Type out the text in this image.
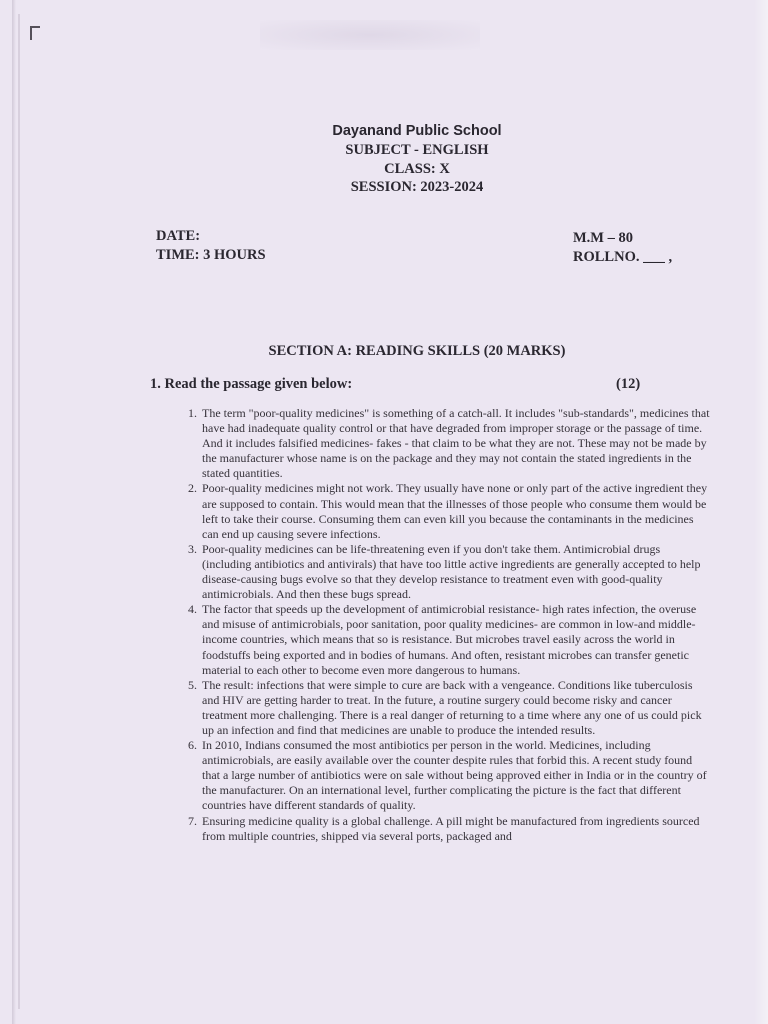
Dayanand Public School
SUBJECT - ENGLISH
CLASS: X
SESSION: 2023-2024
DATE:
TIME: 3 HOURS
M.M – 80
ROLLNO. ___ ,
SECTION A: READING SKILLS (20 MARKS)
1. Read the passage given below:	(12)
1. The term "poor-quality medicines" is something of a catch-all. It includes "sub-standards", medicines that have had inadequate quality control or that have degraded from improper storage or the passage of time. And it includes falsified medicines- fakes - that claim to be what they are not. These may not be made by the manufacturer whose name is on the package and they may not contain the stated ingredients in the stated quantities.
2. Poor-quality medicines might not work. They usually have none or only part of the active ingredient they are supposed to contain. This would mean that the illnesses of those people who consume them would be left to take their course. Consuming them can even kill you because the contaminants in the medicines can end up causing severe infections.
3. Poor-quality medicines can be life-threatening even if you don't take them. Antimicrobial drugs (including antibiotics and antivirals) that have too little active ingredients are generally accepted to help disease-causing bugs evolve so that they develop resistance to treatment even with good-quality antimicrobials. And then these bugs spread.
4. The factor that speeds up the development of antimicrobial resistance- high rates infection, the overuse and misuse of antimicrobials, poor sanitation, poor quality medicines- are common in low-and middle-income countries, which means that so is resistance. But microbes travel easily across the world in foodstuffs being exported and in bodies of humans. And often, resistant microbes can transfer genetic material to each other to become even more dangerous to humans.
5. The result: infections that were simple to cure are back with a vengeance. Conditions like tuberculosis and HIV are getting harder to treat. In the future, a routine surgery could become risky and cancer treatment more challenging. There is a real danger of returning to a time where any one of us could pick up an infection and find that medicines are unable to produce the intended results.
6. In 2010, Indians consumed the most antibiotics per person in the world. Medicines, including antimicrobials, are easily available over the counter despite rules that forbid this. A recent study found that a large number of antibiotics were on sale without being approved either in India or in the country of the manufacturer. On an international level, further complicating the picture is the fact that different countries have different standards of quality.
7. Ensuring medicine quality is a global challenge. A pill might be manufactured from ingredients sourced from multiple countries, shipped via several ports, packaged and
